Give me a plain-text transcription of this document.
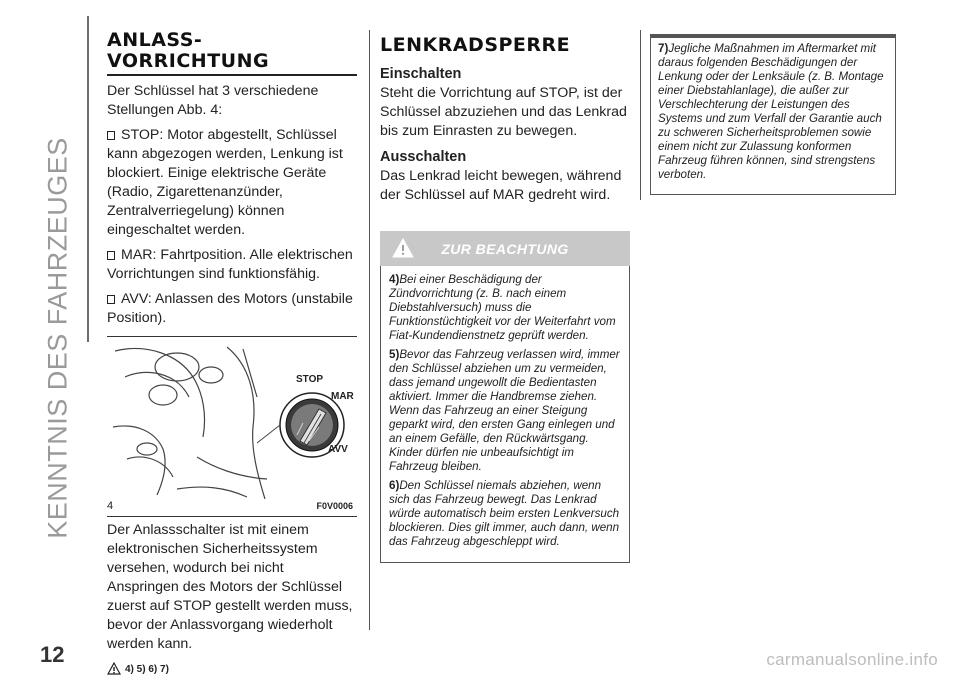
KENNTNIS DES FAHRZEUGES
12	carmanualsonline.info
ANLASS-
VORRICHTUNG

Der Schlüssel hat 3 verschiedene Stellungen Abb. 4:

STOP: Motor abgestellt, Schlüssel kann abgezogen werden, Lenkung ist blockiert. Einige elektrische Geräte (Radio, Zigarettenanzünder, Zentralverriegelung) können eingeschaltet werden.
MAR: Fahrtposition. Alle elektrischen Vorrichtungen sind funktionsfähig.
AVV: Anlassen des Motors (unstabile Position).
STOP
MAR
AVV
4	F0V0006

Der Anlassschalter ist mit einem elektronischen Sicherheitssystem versehen, wodurch bei nicht Anspringen des Motors der Schlüssel zuerst auf STOP gestellt werden muss, bevor der Anlassvorgang wiederholt werden kann.

4) 5) 6) 7)
LENKRADSPERRE
Einschalten

Steht die Vorrichtung auf STOP, ist der Schlüssel abzuziehen und das Lenkrad bis zum Einrasten zu bewegen.

Ausschalten

Das Lenkrad leicht bewegen, während der Schlüssel auf MAR gedreht wird.

ZUR BEACHTUNG

4)Bei einer Beschädigung der Zündvorrichtung (z. B. nach einem Diebstahlversuch) muss die Funktionstüchtigkeit vor der Weiterfahrt vom Fiat-Kundendienstnetz geprüft werden.

5)Bevor das Fahrzeug verlassen wird, immer den Schlüssel abziehen um zu vermeiden, dass jemand ungewollt die Bedientasten aktiviert. Immer die Handbremse ziehen. Wenn das Fahrzeug an einer Steigung geparkt wird, den ersten Gang einlegen und an einem Gefälle, den Rückwärtsgang. Kinder dürfen nie unbeaufsichtigt im Fahrzeug bleiben.

6)Den Schlüssel niemals abziehen, wenn sich das Fahrzeug bewegt. Das Lenkrad würde automatisch beim ersten Lenkversuch blockieren. Dies gilt immer, auch dann, wenn das Fahrzeug abgeschleppt wird.

7)Jegliche Maßnahmen im Aftermarket mit daraus folgenden Beschädigungen der Lenkung oder der Lenksäule (z. B. Montage einer Diebstahlanlage), die außer zur Verschlechterung der Leistungen des Systems und zum Verfall der Garantie auch zu schweren Sicherheitsproblemen sowie einem nicht zur Zulassung konformen Fahrzeug führen können, sind strengstens verboten.
